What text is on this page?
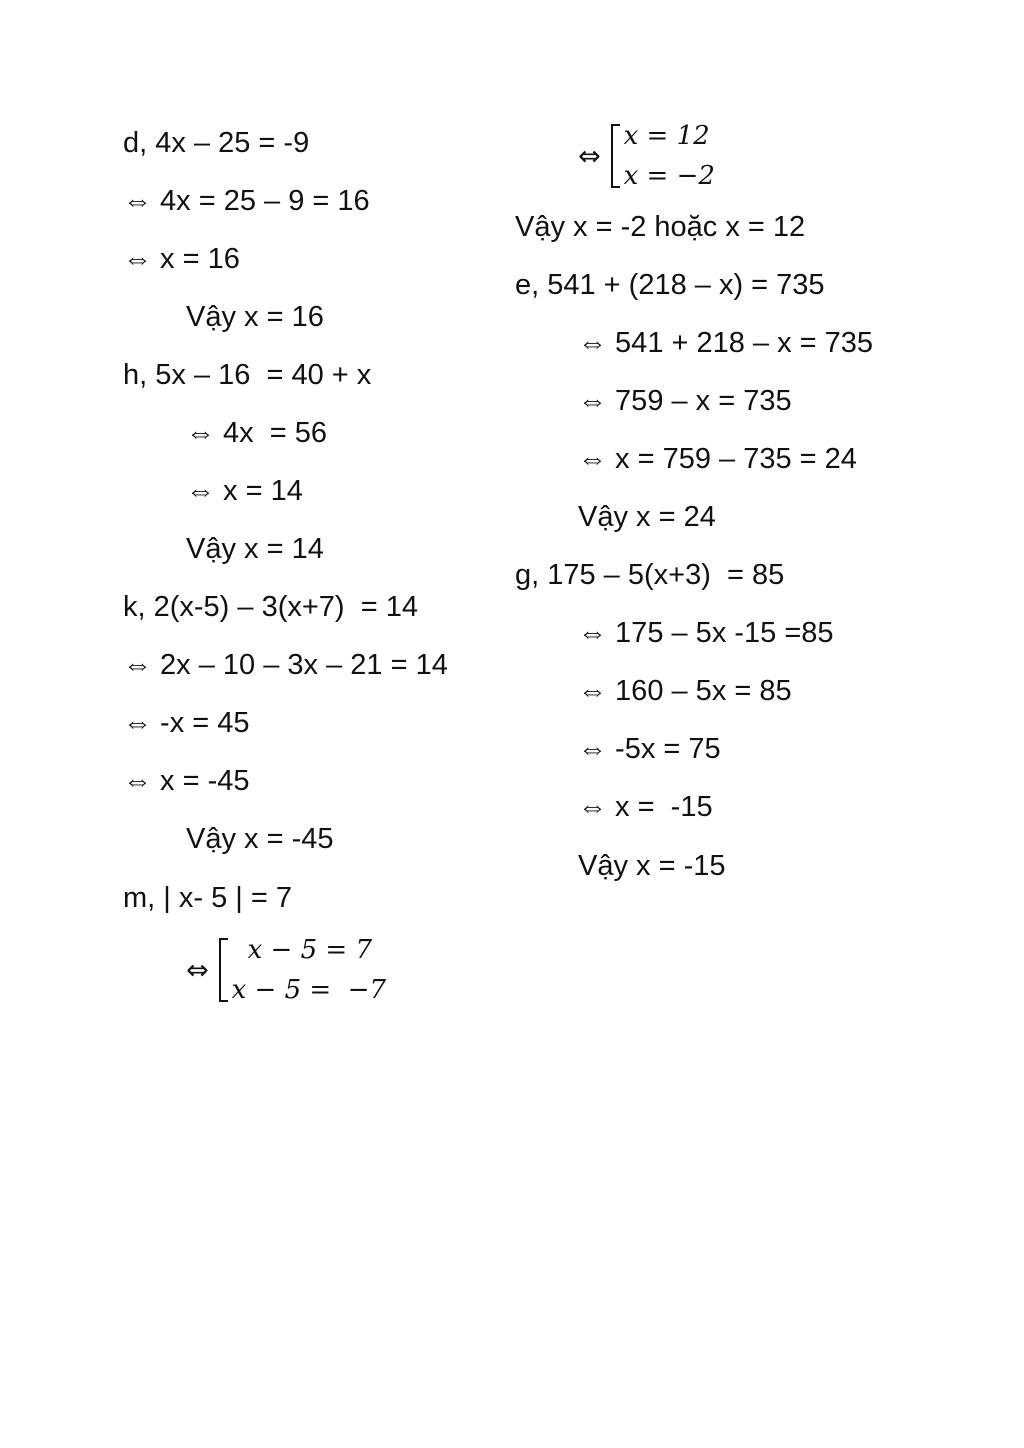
d, 4x – 25 = -9
⇔ 4x = 25 – 9 = 16
⇔ x = 16
Vậy x = 16
h, 5x – 16  = 40 + x
⇔ 4x  = 56
⇔ x = 14
Vậy x = 14
k, 2(x-5) – 3(x+7)  = 14
⇔ 2x – 10 – 3x – 21 = 14
⇔ -x = 45
⇔ x = -45
Vậy x = -45
m, | x- 5 | = 7
⇔
x − 5 = 7
x − 5 =  −7
⇔
x = 12
x = −2
Vậy x = -2 hoặc x = 12
e, 541 + (218 – x) = 735
⇔ 541 + 218 – x = 735
⇔ 759 – x = 735
⇔ x = 759 – 735 = 24
Vậy x = 24
g, 175 – 5(x+3)  = 85
⇔ 175 – 5x -15 =85
⇔ 160 – 5x = 85
⇔ -5x = 75
⇔ x =  -15
Vậy x = -15
